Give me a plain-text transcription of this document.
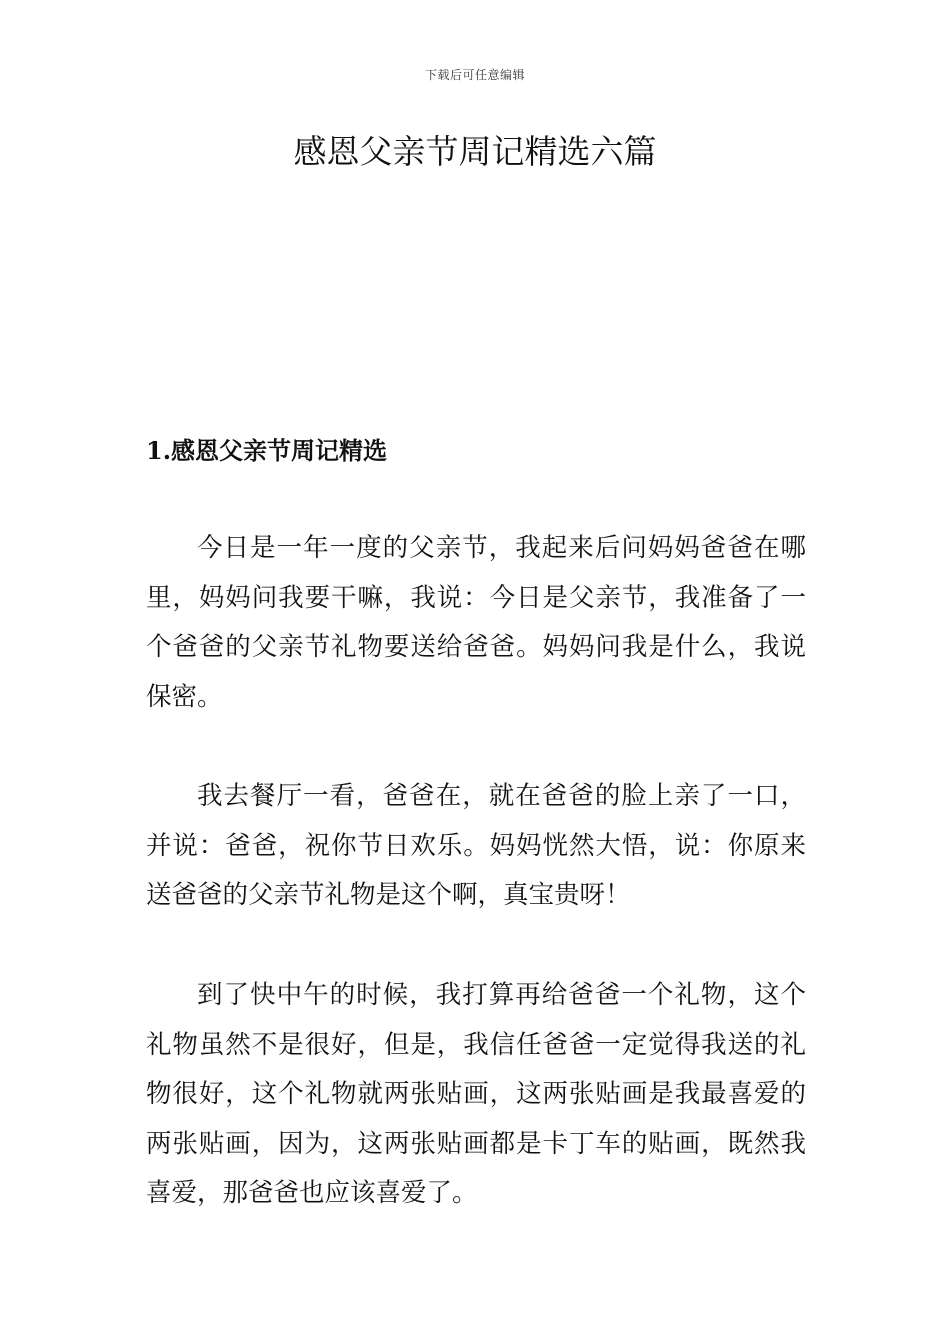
下载后可任意编辑
感恩父亲节周记精选六篇
1.感恩父亲节周记精选

今日是一年一度的父亲节，我起来后问妈妈爸爸在哪里，妈妈问我要干嘛，我说：今日是父亲节，我准备了一个爸爸的父亲节礼物要送给爸爸。妈妈问我是什么，我说保密。

我去餐厅一看，爸爸在，就在爸爸的脸上亲了一口，并说：爸爸，祝你节日欢乐。妈妈恍然大悟，说：你原来送爸爸的父亲节礼物是这个啊，真宝贵呀！

到了快中午的时候，我打算再给爸爸一个礼物，这个礼物虽然不是很好，但是，我信任爸爸一定觉得我送的礼物很好，这个礼物就两张贴画，这两张贴画是我最喜爱的两张贴画，因为，这两张贴画都是卡丁车的贴画，既然我喜爱，那爸爸也应该喜爱了。
